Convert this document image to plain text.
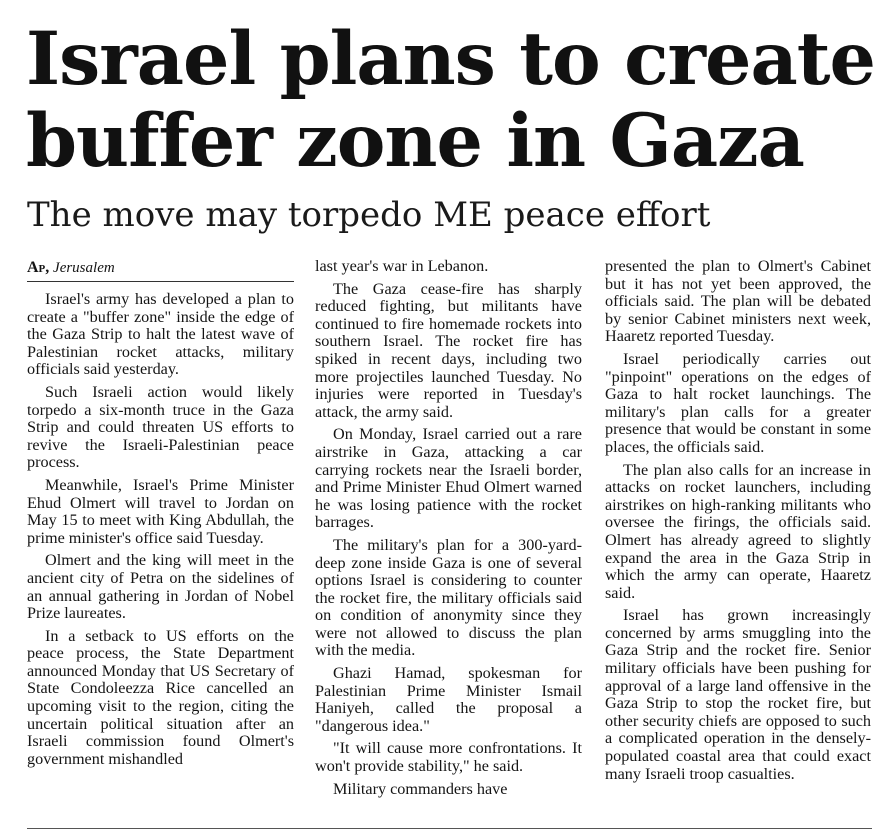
Israel plans to create
buffer zone in Gaza
The move may torpedo ME peace effort
Ap, Jerusalem

Israel's army has developed a plan to create a "buffer zone" inside the edge of the Gaza Strip to halt the latest wave of Palestinian rocket attacks, military officials said yesterday.

Such Israeli action would likely torpedo a six-month truce in the Gaza Strip and could threaten US efforts to revive the Israeli-Palestinian peace process.

Meanwhile, Israel's Prime Minister Ehud Olmert will travel to Jordan on May 15 to meet with King Abdullah, the prime minister's office said Tuesday.

Olmert and the king will meet in the ancient city of Petra on the sidelines of an annual gathering in Jordan of Nobel Prize laureates.

In a setback to US efforts on the peace process, the State Department announced Monday that US Secretary of State Condoleezza Rice cancelled an upcoming visit to the region, citing the uncertain political situation after an Israeli commission found Olmert's government mishandled

last year's war in Lebanon.

The Gaza cease-fire has sharply reduced fighting, but militants have continued to fire homemade rockets into southern Israel. The rocket fire has spiked in recent days, including two more projectiles launched Tuesday. No injuries were reported in Tuesday's attack, the army said.

On Monday, Israel carried out a rare airstrike in Gaza, attacking a car carrying rockets near the Israeli border, and Prime Minister Ehud Olmert warned he was losing patience with the rocket barrages.

The military's plan for a 300-yard-deep zone inside Gaza is one of several options Israel is considering to counter the rocket fire, the military officials said on condition of anonymity since they were not allowed to discuss the plan with the media.

Ghazi Hamad, spokesman for Palestinian Prime Minister Ismail Haniyeh, called the proposal a "dangerous idea."

"It will cause more confrontations. It won't provide stability," he said.

Military commanders have

presented the plan to Olmert's Cabinet but it has not yet been approved, the officials said. The plan will be debated by senior Cabinet ministers next week, Haaretz reported Tuesday.

Israel periodically carries out "pinpoint" operations on the edges of Gaza to halt rocket launchings. The military's plan calls for a greater presence that would be constant in some places, the officials said.

The plan also calls for an increase in attacks on rocket launchers, including airstrikes on high-ranking militants who oversee the firings, the officials said. Olmert has already agreed to slightly expand the area in the Gaza Strip in which the army can operate, Haaretz said.

Israel has grown increasingly concerned by arms smuggling into the Gaza Strip and the rocket fire. Senior military officials have been pushing for approval of a large land offensive in the Gaza Strip to stop the rocket fire, but other security chiefs are opposed to such a complicated operation in the densely-populated coastal area that could exact many Israeli troop casualties.
